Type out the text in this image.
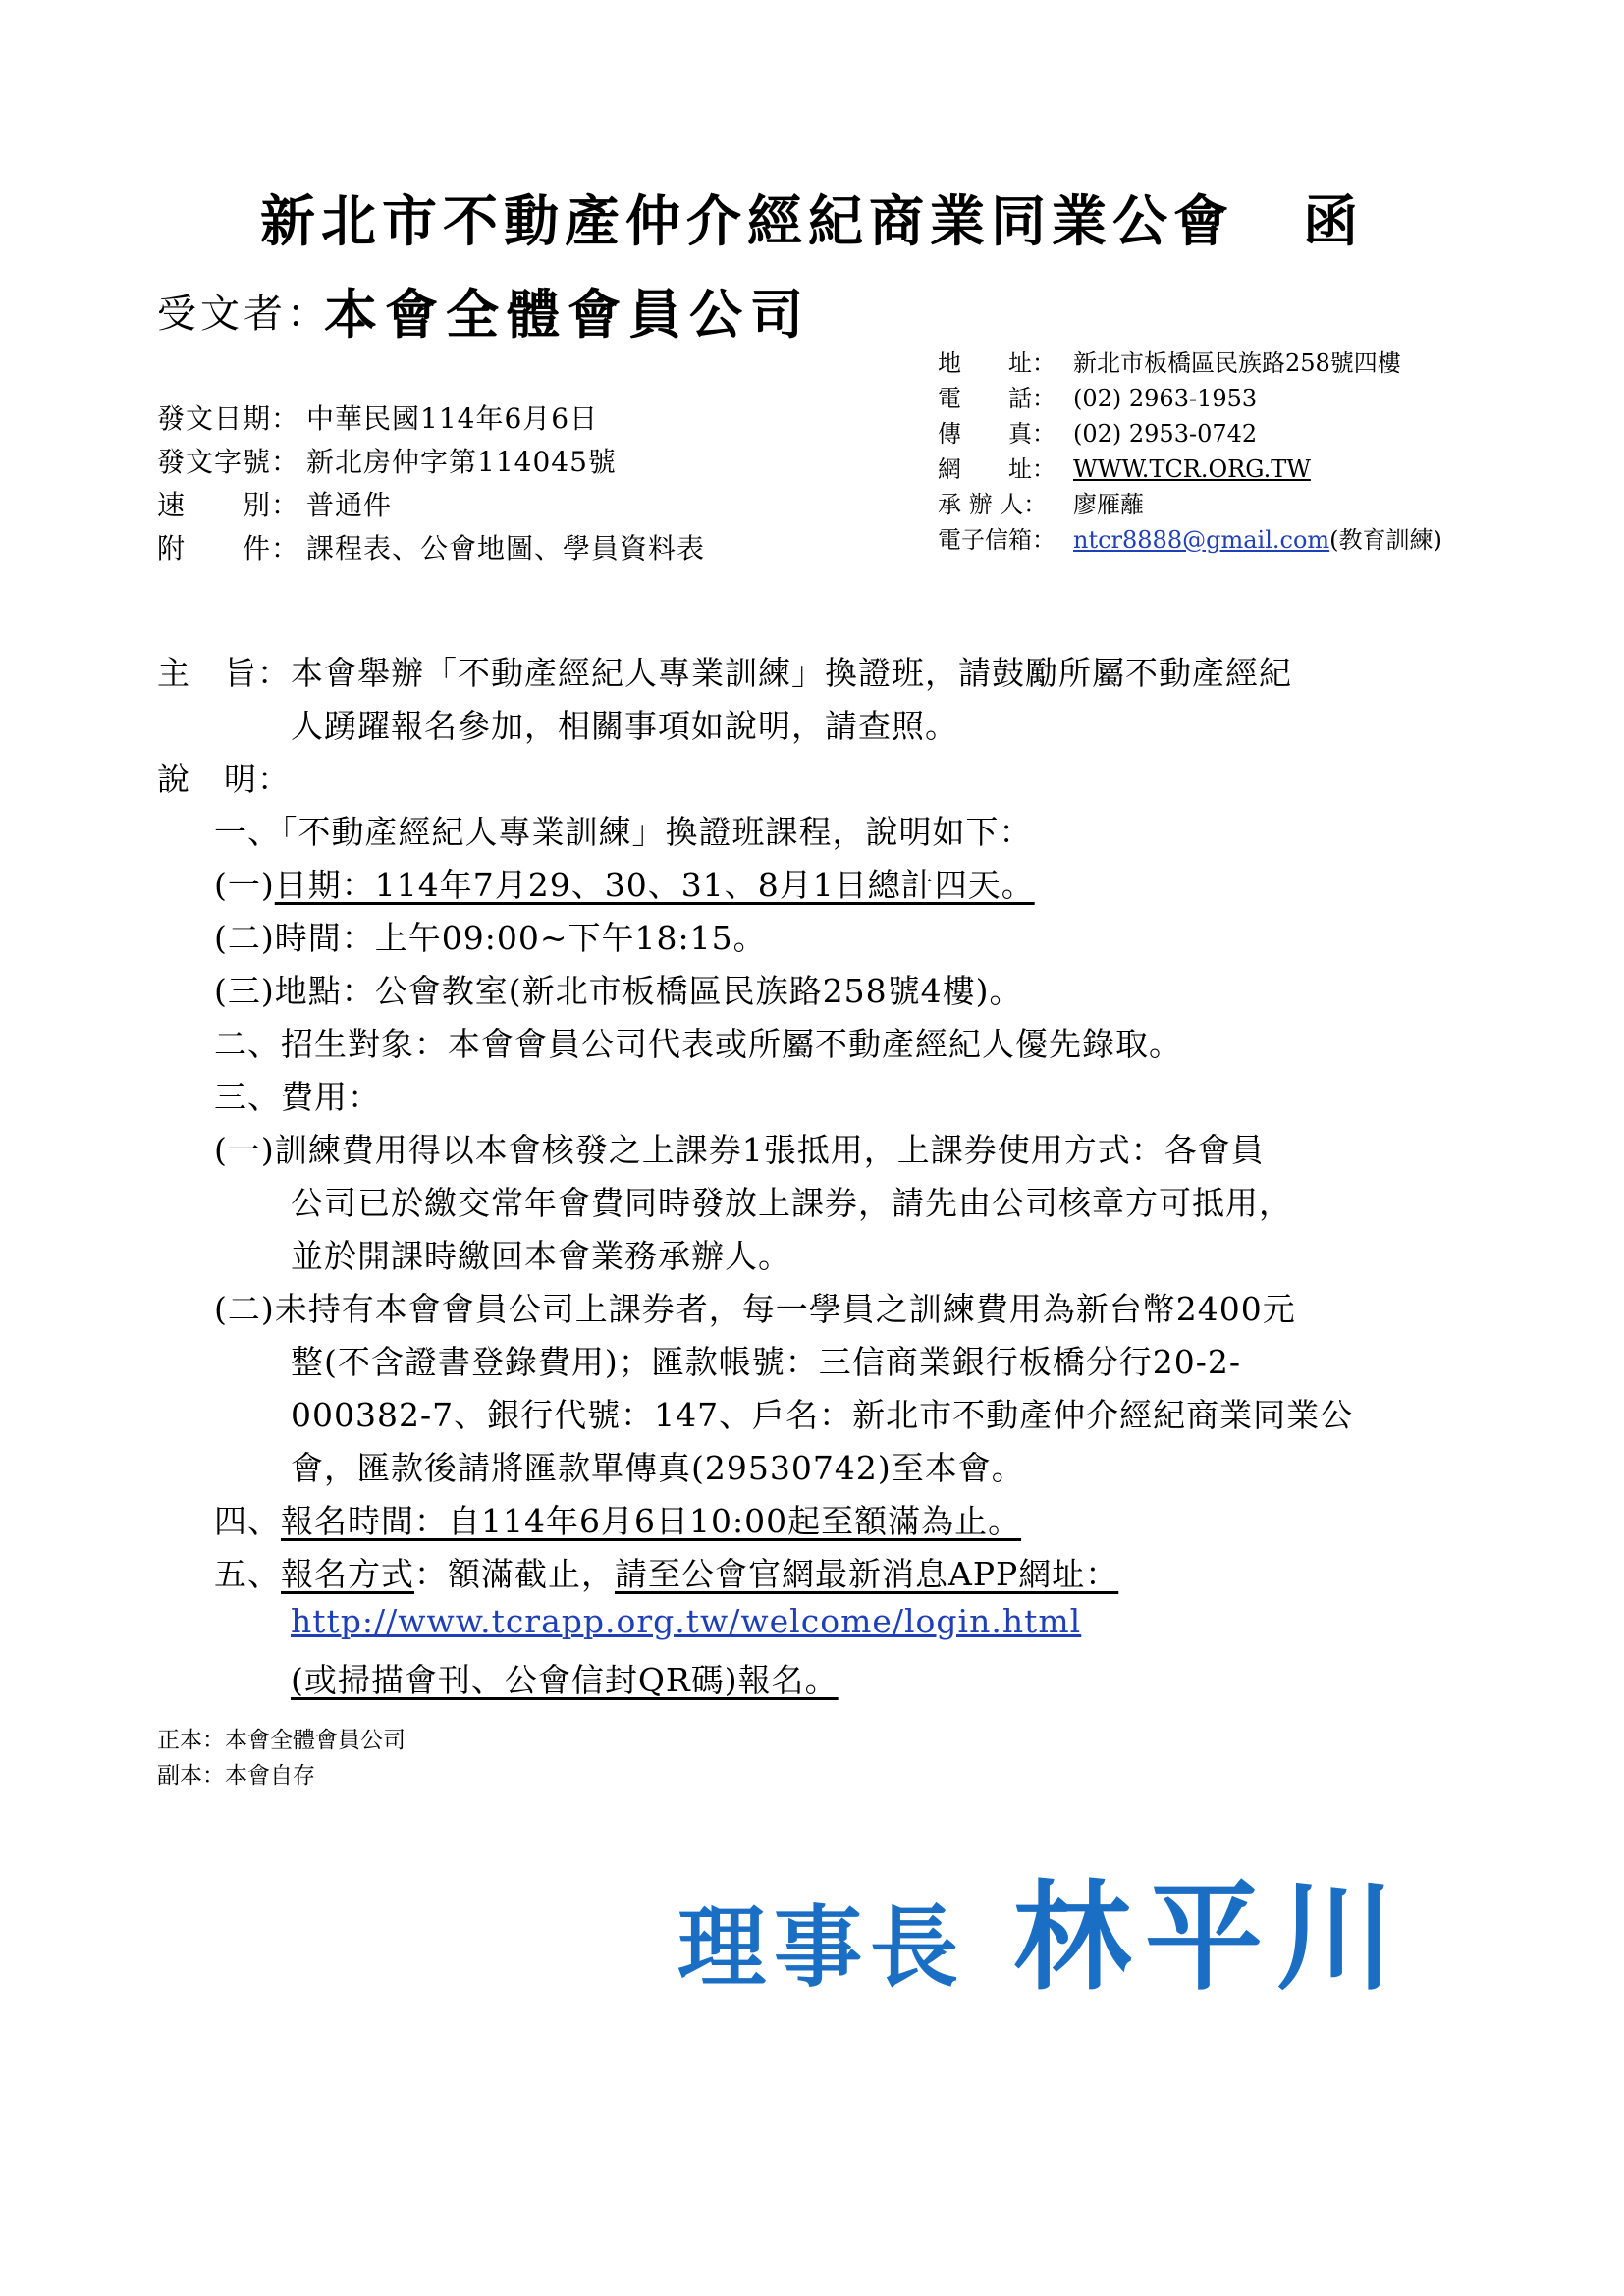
新北市不動產仲介經紀商業同業公會 函
受文者：
本會全體會員公司
地　　址： 新北市板橋區民族路258號四樓
電　　話： (02) 2963-1953
傳　　真： (02) 2953-0742
網　　址： WWW.TCR.ORG.TW
承 辦 人： 廖雁蘺
電子信箱： ntcr8888@gmail.com(教育訓練)
發文日期： 中華民國114年6月6日
發文字號： 新北房仲字第114045號
速　　別： 普通件
附　　件： 課程表、公會地圖、學員資料表
主　旨： 本會舉辦「不動產經紀人專業訓練」換證班，請鼓勵所屬不動產經紀
人踴躍報名參加，相關事項如說明，請查照。
說　明：
一、「不動產經紀人專業訓練」換證班課程，說明如下：
(一)日期：114年7月29、30、31、8月1日總計四天。
(二)時間：上午09:00~下午18:15。
(三)地點：公會教室(新北市板橋區民族路258號4樓)。
二、招生對象：本會會員公司代表或所屬不動產經紀人優先錄取。
三、費用：
(一)訓練費用得以本會核發之上課券1張抵用，上課券使用方式：各會員
公司已於繳交常年會費同時發放上課券，請先由公司核章方可抵用，
並於開課時繳回本會業務承辦人。
(二)未持有本會會員公司上課券者，每一學員之訓練費用為新台幣2400元
整(不含證書登錄費用)；匯款帳號：三信商業銀行板橋分行20-2-
000382-7、銀行代號：147、戶名：新北市不動產仲介經紀商業同業公
會，匯款後請將匯款單傳真(29530742)至本會。
四、報名時間：自114年6月6日10:00起至額滿為止。
五、報名方式：額滿截止，請至公會官網最新消息APP網址：
http://www.tcrapp.org.tw/welcome/login.html
(或掃描會刊、公會信封QR碼)報名。
正本：本會全體會員公司
副本：本會自存
理事長 林平川
